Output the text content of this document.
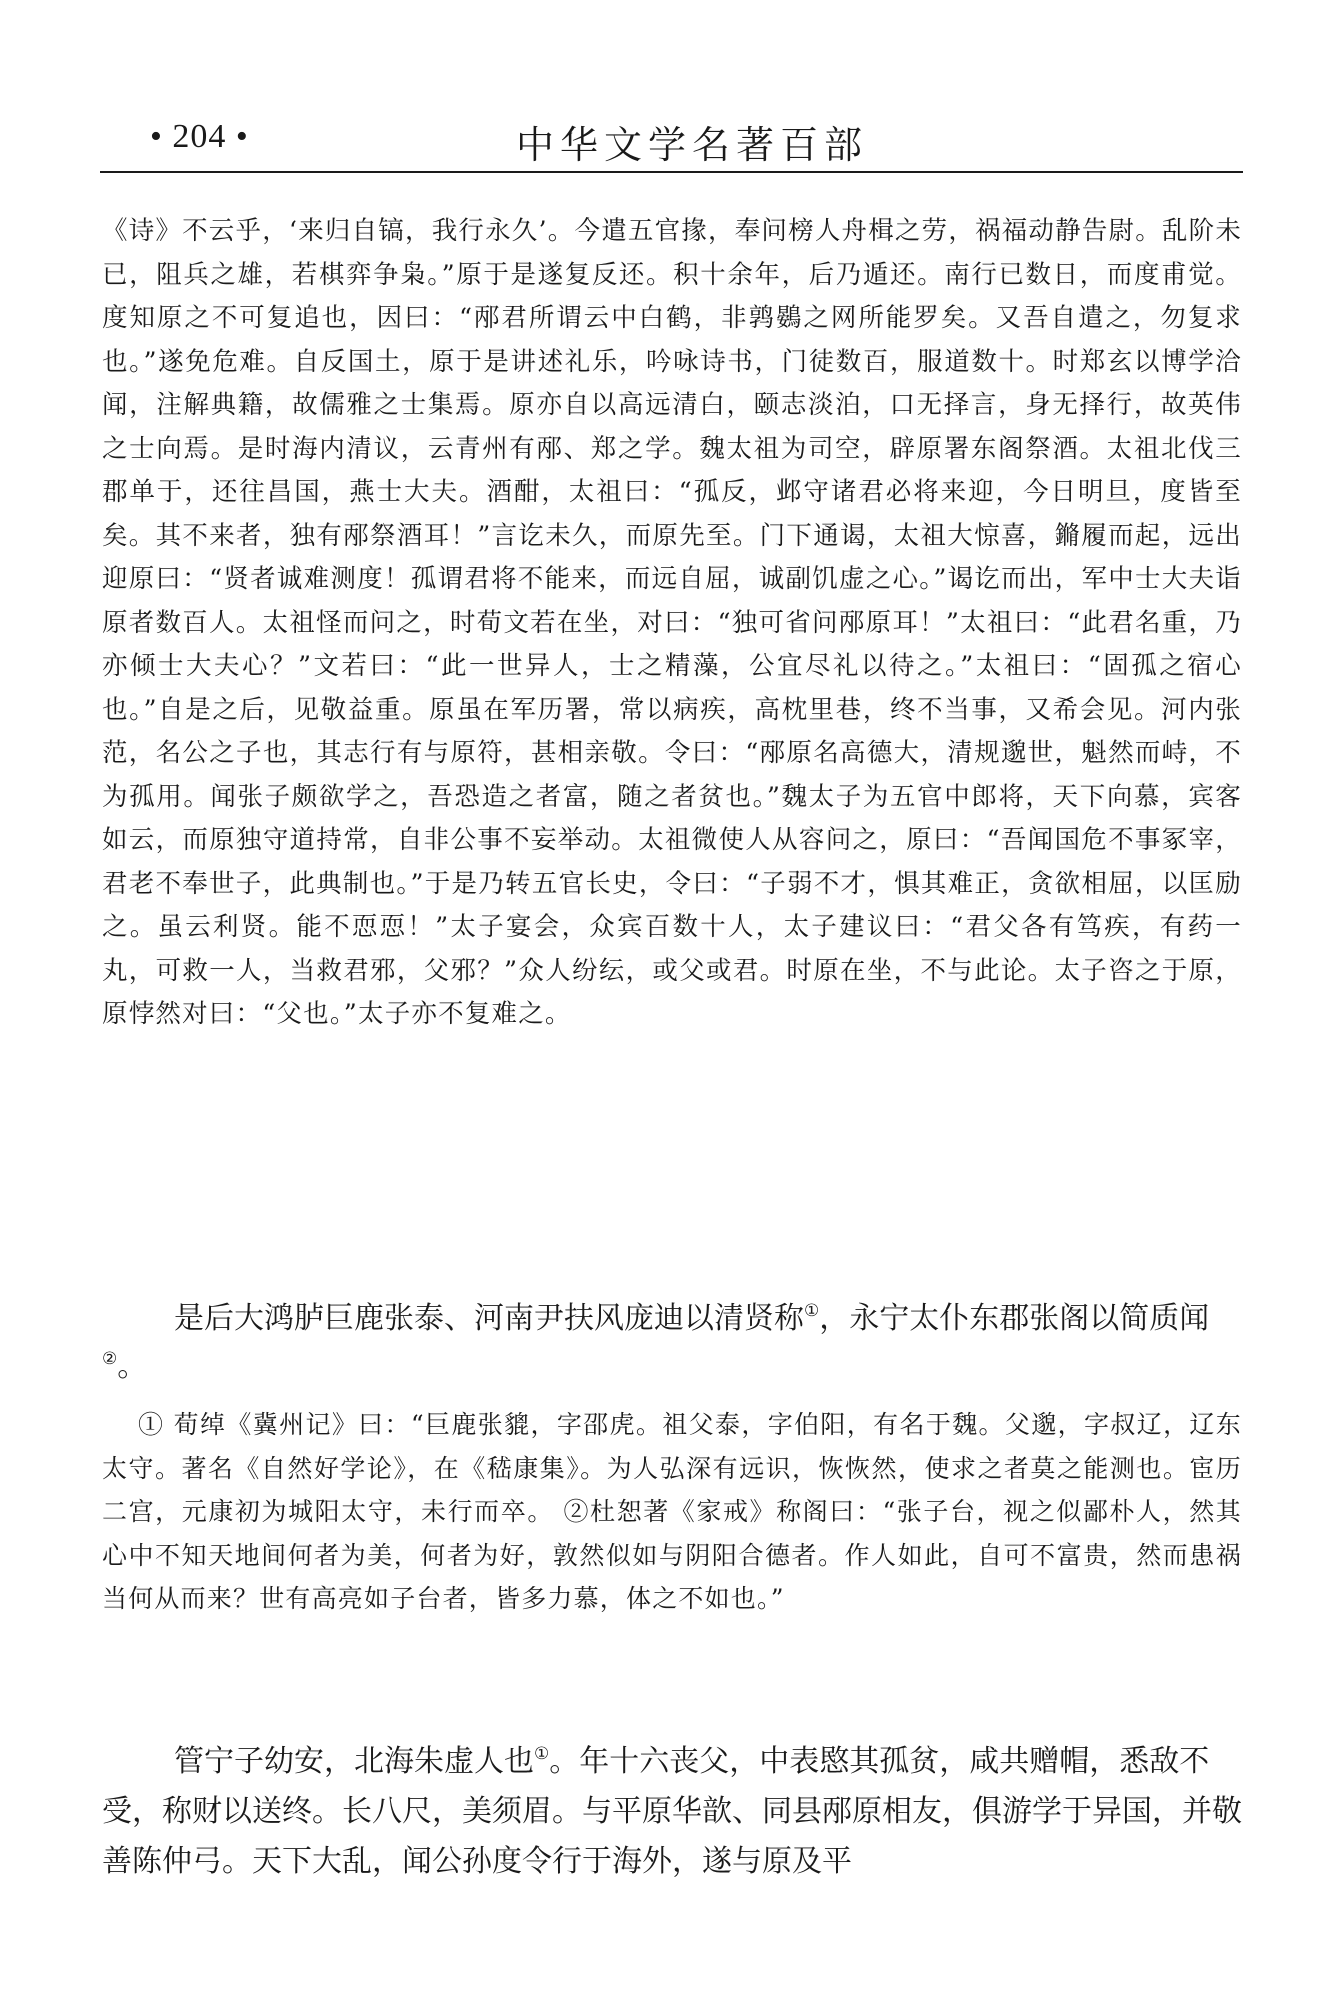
• 204 •	中华文学名著百部
《诗》不云乎，‘来归自镐，我行永久’。今遣五官掾，奉问榜人舟楫之劳，祸福动静告尉。乱阶未已，阻兵之雄，若棋弈争枭。”原于是遂复反还。积十余年，后乃遁还。南行已数日，而度甫觉。度知原之不可复追也，因曰：“邴君所谓云中白鹤，非鹑鷃之网所能罗矣。又吾自遣之，勿复求也。”遂免危难。自反国土，原于是讲述礼乐，吟咏诗书，门徒数百，服道数十。时郑玄以博学洽闻，注解典籍，故儒雅之士集焉。原亦自以高远清白，颐志淡泊，口无择言，身无择行，故英伟之士向焉。是时海内清议，云青州有邴、郑之学。魏太祖为司空，辟原署东阁祭酒。太祖北伐三郡单于，还往昌国，燕士大夫。酒酣，太祖曰：“孤反，邺守诸君必将来迎，今日明旦，度皆至矣。其不来者，独有邴祭酒耳！”言讫未久，而原先至。门下通谒，太祖大惊喜，鏅履而起，远出迎原曰：“贤者诚难测度！孤谓君将不能来，而远自屈，诚副饥虚之心。”谒讫而出，军中士大夫诣原者数百人。太祖怪而问之，时荀文若在坐，对曰：“独可省问邴原耳！”太祖曰：“此君名重，乃亦倾士大夫心？”文若曰：“此一世异人，士之精藻，公宜尽礼以待之。”太祖曰：“固孤之宿心也。”自是之后，见敬益重。原虽在军历署，常以病疾，高枕里巷，终不当事，又希会见。河内张范，名公之子也，其志行有与原符，甚相亲敬。令曰：“邴原名高德大，清规邈世，魁然而峙，不为孤用。闻张子颇欲学之，吾恐造之者富，随之者贫也。”魏太子为五官中郎将，天下向慕，宾客如云，而原独守道持常，自非公事不妄举动。太祖微使人从容问之，原曰：“吾闻国危不事冢宰，君老不奉世子，此典制也。”于是乃转五官长史，令曰：“子弱不才，惧其难正，贪欲相屈，以匡励之。虽云利贤。能不恧恧！”太子宴会，众宾百数十人，太子建议曰：“君父各有笃疾，有药一丸，可救一人，当救君邪，父邪？”众人纷纭，或父或君。时原在坐，不与此论。太子咨之于原，原悖然对曰：“父也。”太子亦不复难之。
是后大鸿胪巨鹿张泰、河南尹扶风庞迪以清贤称①，永宁太仆东郡张阁以简质闻②。
① 荀绰《冀州记》曰：“巨鹿张貔，字邵虎。祖父泰，字伯阳，有名于魏。父邈，字叔辽，辽东太守。著名《自然好学论》，在《嵇康集》。为人弘深有远识，恢恢然，使求之者莫之能测也。宦历二宫，元康初为城阳太守，未行而卒。 ②杜恕著《家戒》称阁曰：“张子台，视之似鄙朴人，然其心中不知天地间何者为美，何者为好，敦然似如与阴阳合德者。作人如此，自可不富贵，然而患祸当何从而来？世有高亮如子台者，皆多力慕，体之不如也。”
管宁子幼安，北海朱虚人也①。年十六丧父，中表愍其孤贫，咸共赠帽，悉敌不受，称财以送终。长八尺，美须眉。与平原华歆、同县邴原相友，俱游学于异国，并敬善陈仲弓。天下大乱，闻公孙度令行于海外，遂与原及平
